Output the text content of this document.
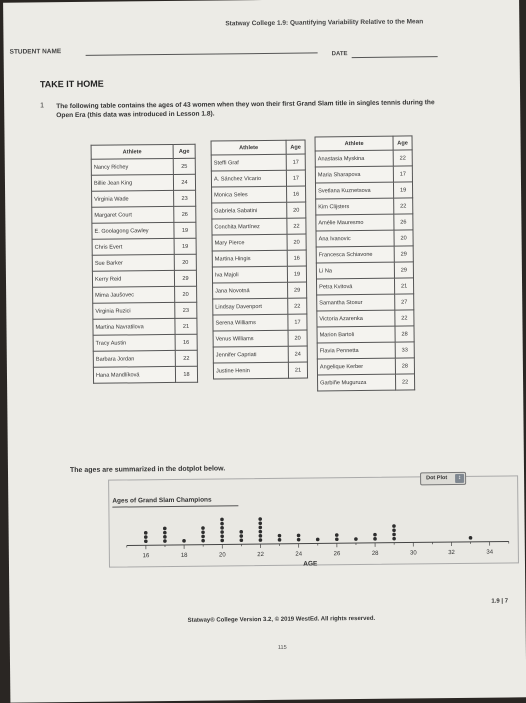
Statway College 1.9: Quantifying Variability Relative to the Mean
STUDENT NAME	DATE
TAKE IT HOME
1 The following table contains the ages of 43 women when they won their first Grand Slam title in singles tennis during the Open Era (this data was introduced in Lesson 1.8).
Athlete	Age
Nancy Richey	25
Billie Jean King	24
Virginia Wade	23
Margaret Court	26
E. Goolagong Cawley	19
Chris Evert	19
Sue Barker	20
Kerry Reid	29
Mima Jaušovec	20
Virginia Ruzici	23
Martina Navratilova	21
Tracy Austin	16
Barbara Jordan	22
Hana Mandlíková	18
Athlete	Age
Steffi Graf	17
A. Sánchez Vicario	17
Monica Seles	16
Gabriela Sabatini	20
Conchita Martínez	22
Mary Pierce	20
Martina Hingis	16
Iva Majoli	19
Jana Novotná	29
Lindsay Davenport	22
Serena Williams	17
Venus Williams	20
Jennifer Capriati	24
Justine Henin	21
Athlete	Age
Anastasia Myskina	22
Maria Sharapova	17
Svetlana Kuznetsova	19
Kim Clijsters	22
Amélie Mauresmo	26
Ana Ivanovic	20
Francesca Schiavone	29
Li Na	29
Petra Kvitová	21
Samantha Stosur	27
Victoria Azarenka	22
Marion Bartoli	28
Flavia Pennetta	33
Angelique Kerber	28
Garbiñe Muguruza	22
The ages are summarized in the dotplot below.
Dot Plot	↕
Ages of Grand Slam Champions
16	18	20	22	24	26	28	30	32	34
AGE
1.9 | 7
Statway® College Version 3.2, © 2019 WestEd. All rights reserved.
115
